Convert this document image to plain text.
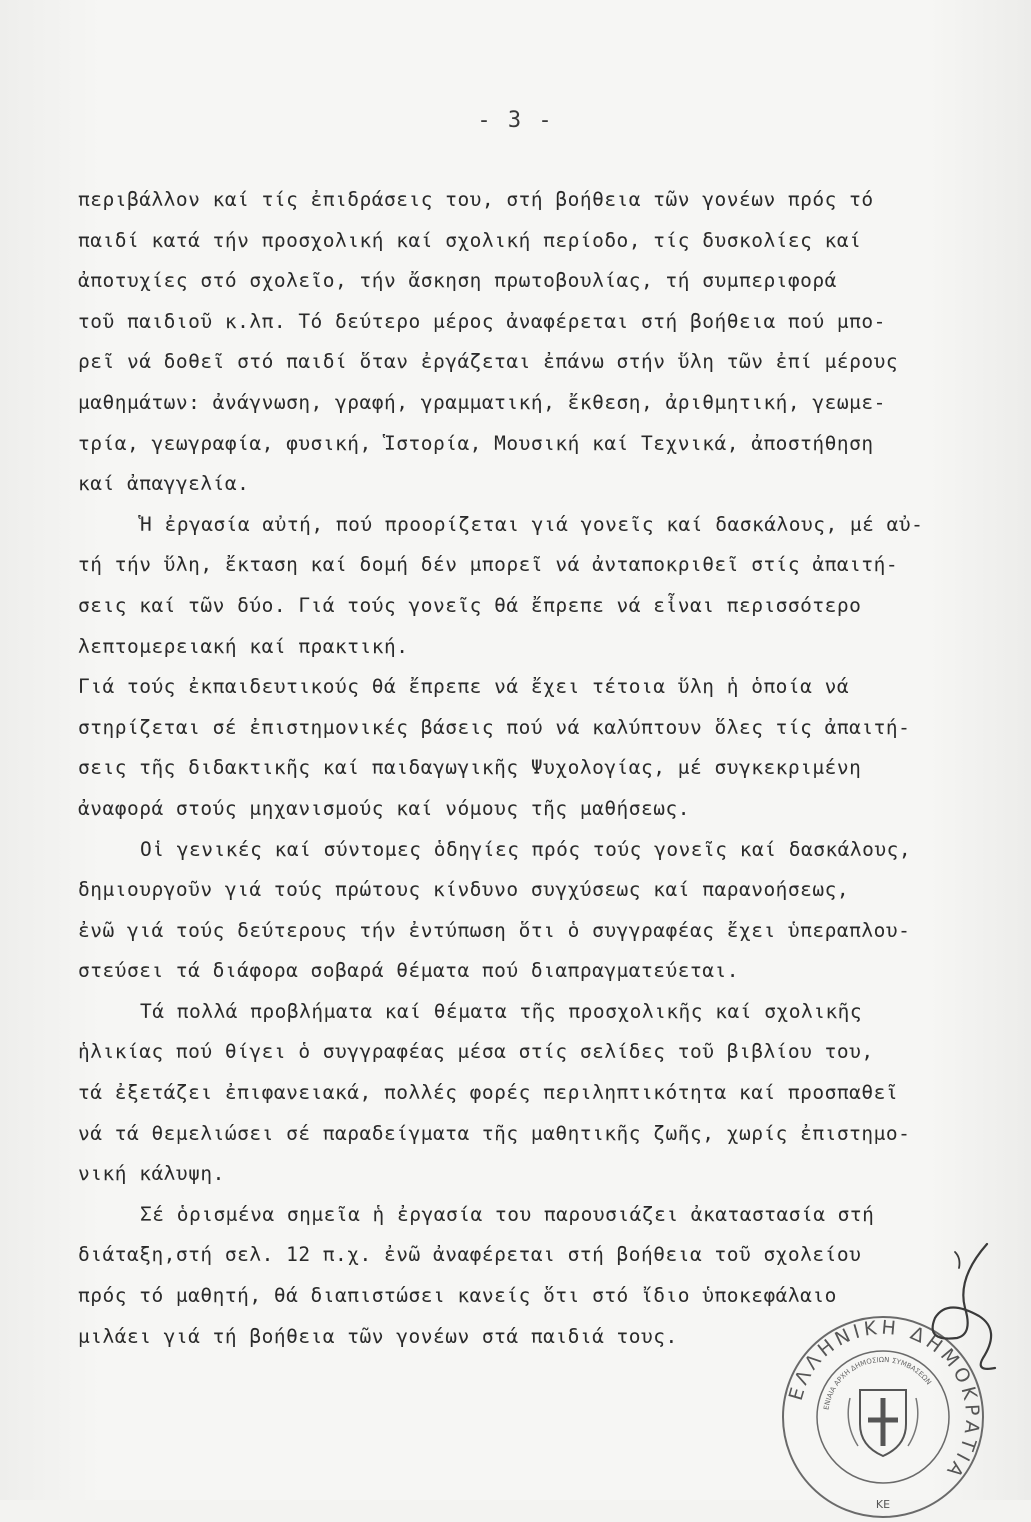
- 3 -
περιβάλλον καί τίς ἐπιδράσεις του, στή βοήθεια τῶν γονέων πρός τό
παιδί κατά τήν προσχολική καί σχολική περίοδο, τίς δυσκολίες καί
ἀποτυχίες στό σχολεῖο, τήν ἄσκηση πρωτοβουλίας, τή συμπεριφορά
τοῦ παιδιοῦ κ.λπ. Τό δεύτερο μέρος ἀναφέρεται στή βοήθεια πού μπο-
ρεῖ νά δοθεῖ στό παιδί ὅταν ἐργάζεται ἐπάνω στήν ὕλη τῶν ἐπί μέρους
μαθημάτων: ἀνάγνωση, γραφή, γραμματική, ἔκθεση, ἀριθμητική, γεωμε-
τρία, γεωγραφία, φυσική, Ἱστορία, Μουσική καί Τεχνικά, ἀποστήθηση
καί ἀπαγγελία.
Ἡ ἐργασία αὐτή, πού προορίζεται γιά γονεῖς καί δασκάλους, μέ αὐ-
τή τήν ὕλη, ἔκταση καί δομή δέν μπορεῖ νά ἀνταποκριθεῖ στίς ἀπαιτή-
σεις καί τῶν δύο. Γιά τούς γονεῖς θά ἔπρεπε νά εἶναι περισσότερο
λεπτομερειακή καί πρακτική.
Γιά τούς ἐκπαιδευτικούς θά ἔπρεπε νά ἔχει τέτοια ὕλη ἡ ὁποία νά
στηρίζεται σέ ἐπιστημονικές βάσεις πού νά καλύπτουν ὅλες τίς ἀπαιτή-
σεις τῆς διδακτικῆς καί παιδαγωγικῆς Ψυχολογίας, μέ συγκεκριμένη
ἀναφορά στούς μηχανισμούς καί νόμους τῆς μαθήσεως.
Οἱ γενικές καί σύντομες ὁδηγίες πρός τούς γονεῖς καί δασκάλους,
δημιουργοῦν γιά τούς πρώτους κίνδυνο συγχύσεως καί παρανοήσεως,
ἐνῶ γιά τούς δεύτερους τήν ἐντύπωση ὅτι ὁ συγγραφέας ἔχει ὑπεραπλου-
στεύσει τά διάφορα σοβαρά θέματα πού διαπραγματεύεται.
Τά πολλά προβλήματα καί θέματα τῆς προσχολικῆς καί σχολικῆς
ἡλικίας πού θίγει ὁ συγγραφέας μέσα στίς σελίδες τοῦ βιβλίου του,
τά ἐξετάζει ἐπιφανειακά, πολλές φορές περιληπτικότητα καί προσπαθεῖ
νά τά θεμελιώσει σέ παραδείγματα τῆς μαθητικῆς ζωῆς, χωρίς ἐπιστημο-
νική κάλυψη.
Σέ ὁρισμένα σημεῖα ἡ ἐργασία του παρουσιάζει ἀκαταστασία στή
διάταξη,στή σελ. 12 π.χ. ἐνῶ ἀναφέρεται στή βοήθεια τοῦ σχολείου
πρός τό μαθητή, θά διαπιστώσει κανείς ὅτι στό ἴδιο ὑποκεφάλαιο
μιλάει γιά τή βοήθεια τῶν γονέων στά παιδιά τους.
ΕΛΛΗΝΙΚΗ ΔΗΜΟΚΡΑΤΙΑ
ΕΝΙΑΙΑ ΑΡΧΗ ΔΗΜΟΣΙΩΝ ΣΥΜΒΑΣΕΩΝ
ΚΕ
